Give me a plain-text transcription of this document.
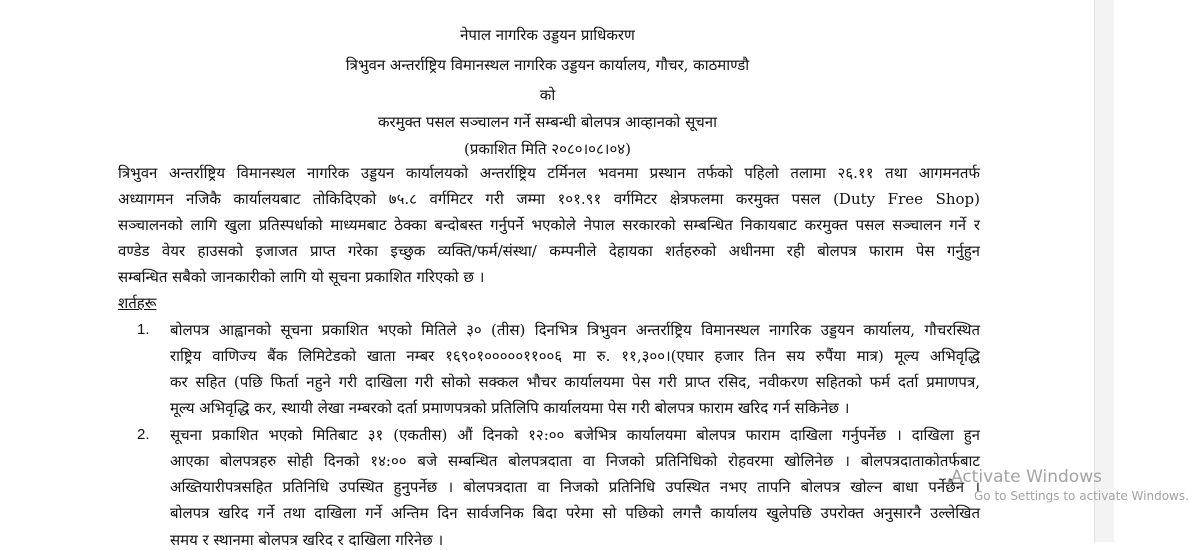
नेपाल नागरिक उड्डयन प्राधिकरण
त्रिभुवन अन्तर्राष्ट्रिय विमानस्थल नागरिक उड्डयन कार्यालय, गौचर, काठमाण्डौ
को
करमुक्त पसल सञ्चालन गर्ने सम्बन्धी बोलपत्र आव्हानको सूचना
(प्रकाशित मिति २०८०।०८।०४)
त्रिभुवन अन्तर्राष्ट्रिय विमानस्थल नागरिक उड्डयन कार्यालयको अन्तर्राष्ट्रिय टर्मिनल भवनमा प्रस्थान तर्फको पहिलो तलामा २६.११ तथा आगमनतर्फ
अध्यागमन नजिकै कार्यालयबाट तोकिदिएको ७५.८ वर्गमिटर गरी जम्मा १०१.९१ वर्गमिटर क्षेत्रफलमा करमुक्त पसल (Duty Free Shop)
सञ्चालनको लागि खुला प्रतिस्पर्धाको माध्यमबाट ठेक्का बन्दोबस्त गर्नुपर्ने भएकोले नेपाल सरकारको सम्बन्धित निकायबाट करमुक्त पसल सञ्चालन गर्ने र
वण्डेड वेयर हाउसको इजाजत प्राप्त गरेका इच्छुक व्यक्ति/फर्म/संस्था/ कम्पनीले देहायका शर्तहरुको अधीनमा रही बोलपत्र फाराम पेस गर्नुहुन
सम्बन्धित सबैको जानकारीको लागि यो सूचना प्रकाशित गरिएको छ ।
शर्तहरू
1. बोलपत्र आह्वानको सूचना प्रकाशित भएको मितिले ३० (तीस) दिनभित्र त्रिभुवन अन्तर्राष्ट्रिय विमानस्थल नागरिक उड्डयन कार्यालय, गौचरस्थित
राष्ट्रिय वाणिज्य बैंक लिमिटेडको खाता नम्बर १६९०१०००००११००६ मा रु. ११,३००।(एघार हजार तिन सय रुपैंया मात्र) मूल्य अभिवृद्धि
कर सहित (पछि फिर्ता नहुने गरी दाखिला गरी सोको सक्कल भौचर कार्यालयमा पेस गरी प्राप्त रसिद, नवीकरण सहितको फर्म दर्ता प्रमाणपत्र,
मूल्य अभिवृद्धि कर, स्थायी लेखा नम्बरको दर्ता प्रमाणपत्रको प्रतिलिपि कार्यालयमा पेस गरी बोलपत्र फाराम खरिद गर्न सकिनेछ ।
2. सूचना प्रकाशित भएको मितिबाट ३१ (एकतीस) औं दिनको १२:०० बजेभित्र कार्यालयमा बोलपत्र फाराम दाखिला गर्नुपर्नेछ । दाखिला हुन
आएका बोलपत्रहरु सोही दिनको १४:०० बजे सम्बन्धित बोलपत्रदाता वा निजको प्रतिनिधिको रोहवरमा खोलिनेछ । बोलपत्रदाताकोतर्फबाट
अख्तियारीपत्रसहित प्रतिनिधि उपस्थित हुनुपर्नेछ । बोलपत्रदाता वा निजको प्रतिनिधि उपस्थित नभए तापनि बोलपत्र खोल्न बाधा पर्नेछैन ।
बोलपत्र खरिद गर्ने तथा दाखिला गर्ने अन्तिम दिन सार्वजनिक बिदा परेमा सो पछिको लगत्तै कार्यालय खुलेपछि उपरोक्त अनुसारनै उल्लेखित
समय र स्थानमा बोलपत्र खरिद र दाखिला गरिनेछ ।
Activate Windows
Go to Settings to activate Windows.
